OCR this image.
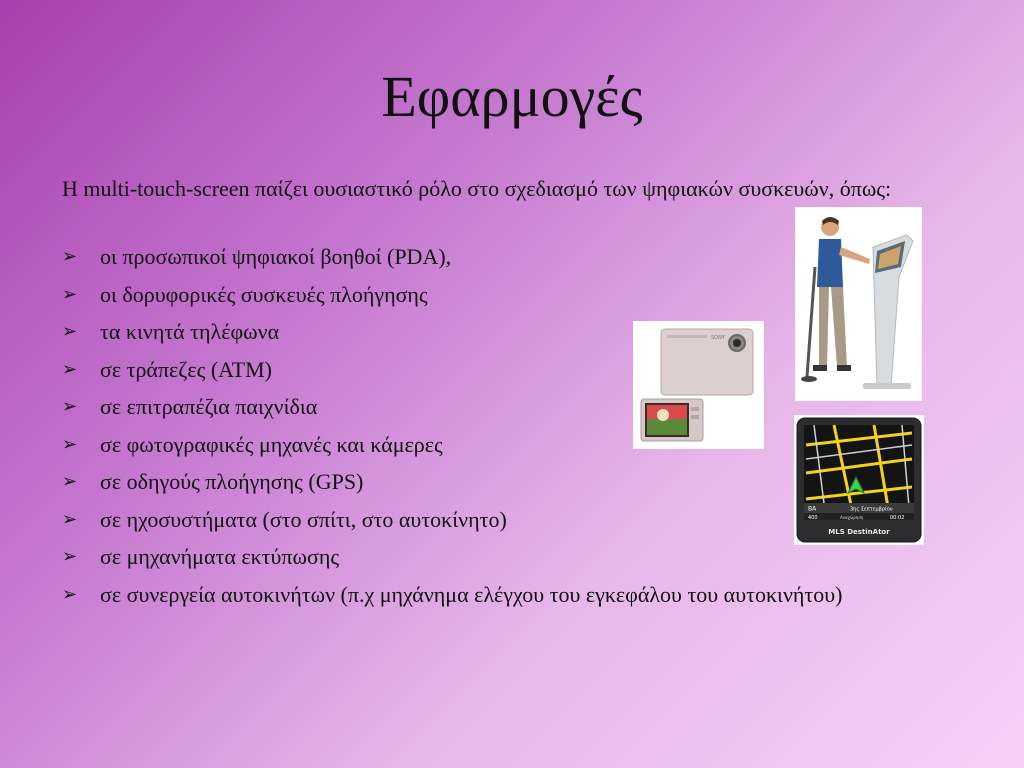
Εφαρμογές
Η multi-touch-screen παίζει ουσιαστικό ρόλο στο σχεδιασμό των ψηφιακών συσκευών, όπως:
➢ οι προσωπικοί ψηφιακοί βοηθοί (PDA),
➢ οι δορυφορικές συσκευές πλοήγησης
➢ τα κινητά τηλέφωνα
➢ σε τράπεζες (ATM)
➢ σε επιτραπέζια παιχνίδια
➢ σε φωτογραφικές μηχανές και κάμερες
➢ σε οδηγούς πλοήγησης (GPS)
➢ σε ηχοσυστήματα (στο σπίτι, στο αυτοκίνητο)
➢ σε μηχανήματα εκτύπωσης
➢ σε συνεργεία αυτοκινήτων (π.χ μηχάνημα ελέγχου του εγκεφάλου του αυτοκινήτου)
SONY
BA	3ης Σεπτεμβρίου
400	Αναχώρηση	00:02
MLS DestinAtor
